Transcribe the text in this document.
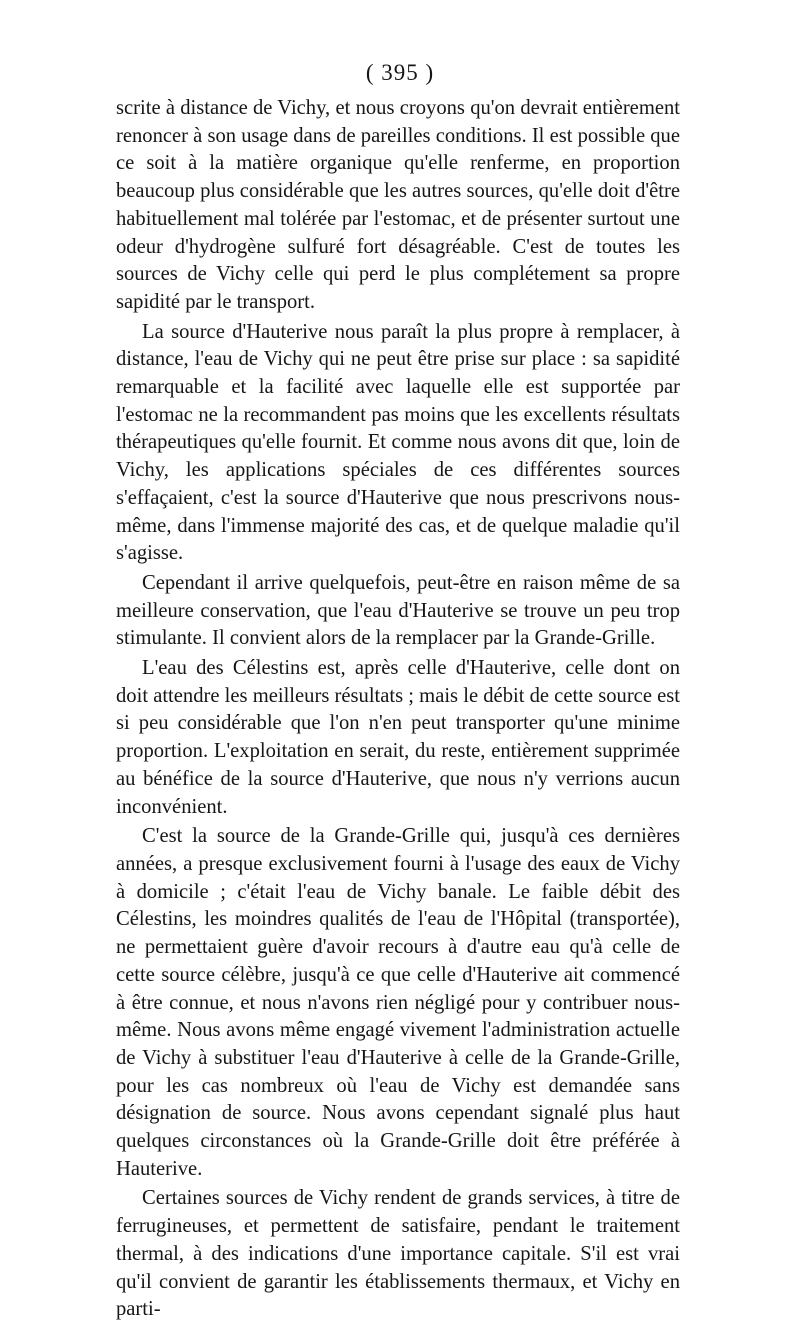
( 395 )

scrite à distance de Vichy, et nous croyons qu'on devrait entièrement renoncer à son usage dans de pareilles conditions. Il est possible que ce soit à la matière organique qu'elle renferme, en proportion beaucoup plus considérable que les autres sources, qu'elle doit d'être habituellement mal tolérée par l'estomac, et de présenter surtout une odeur d'hydrogène sulfuré fort désagréable. C'est de toutes les sources de Vichy celle qui perd le plus complétement sa propre sapidité par le transport.

La source d'Hauterive nous paraît la plus propre à remplacer, à distance, l'eau de Vichy qui ne peut être prise sur place : sa sapidité remarquable et la facilité avec laquelle elle est supportée par l'estomac ne la recommandent pas moins que les excellents résultats thérapeutiques qu'elle fournit. Et comme nous avons dit que, loin de Vichy, les applications spéciales de ces différentes sources s'effaçaient, c'est la source d'Hauterive que nous prescrivons nous-même, dans l'immense majorité des cas, et de quelque maladie qu'il s'agisse.

Cependant il arrive quelquefois, peut-être en raison même de sa meilleure conservation, que l'eau d'Hauterive se trouve un peu trop stimulante. Il convient alors de la remplacer par la Grande-Grille.

L'eau des Célestins est, après celle d'Hauterive, celle dont on doit attendre les meilleurs résultats ; mais le débit de cette source est si peu considérable que l'on n'en peut transporter qu'une minime proportion. L'exploitation en serait, du reste, entièrement supprimée au bénéfice de la source d'Hauterive, que nous n'y verrions aucun inconvénient.

C'est la source de la Grande-Grille qui, jusqu'à ces dernières années, a presque exclusivement fourni à l'usage des eaux de Vichy à domicile ; c'était l'eau de Vichy banale. Le faible débit des Célestins, les moindres qualités de l'eau de l'Hôpital (transportée), ne permettaient guère d'avoir recours à d'autre eau qu'à celle de cette source célèbre, jusqu'à ce que celle d'Hauterive ait commencé à être connue, et nous n'avons rien négligé pour y contribuer nous-même. Nous avons même engagé vivement l'administration actuelle de Vichy à substituer l'eau d'Hauterive à celle de la Grande-Grille, pour les cas nombreux où l'eau de Vichy est demandée sans désignation de source. Nous avons cependant signalé plus haut quelques circonstances où la Grande-Grille doit être préférée à Hauterive.

Certaines sources de Vichy rendent de grands services, à titre de ferrugineuses, et permettent de satisfaire, pendant le traitement thermal, à des indications d'une importance capitale. S'il est vrai qu'il convient de garantir les établissements thermaux, et Vichy en parti-
